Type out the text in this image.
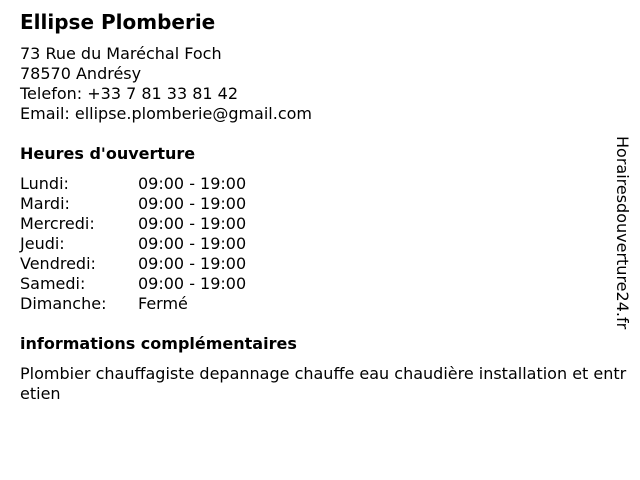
Ellipse Plomberie
73 Rue du Maréchal Foch
78570 Andrésy
Telefon: +33 7 81 33 81 42
Email: ellipse.plomberie@gmail.com
Heures d'ouverture
Lundi:	09:00 - 19:00
Mardi:	09:00 - 19:00
Mercredi:	09:00 - 19:00
Jeudi:	09:00 - 19:00
Vendredi:	09:00 - 19:00
Samedi:	09:00 - 19:00
Dimanche:	Fermé
informations complémentaires
Plombier chauffagiste depannage chauffe eau chaudière installation et entretien
Horairesdouverture24.fr
